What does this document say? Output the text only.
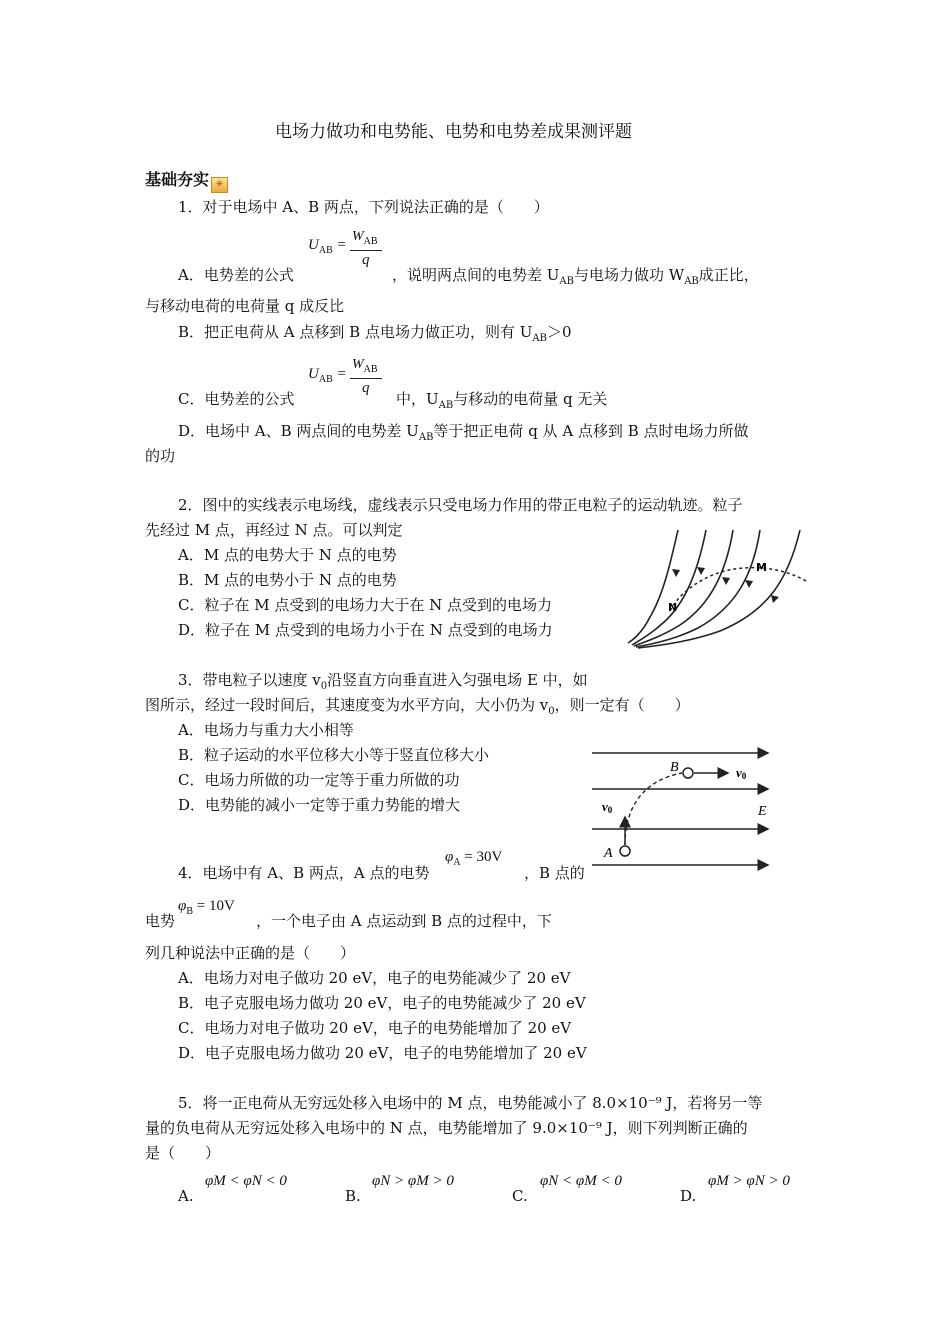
电场力做功和电势能、电势和电势差成果测评题
基础夯实 ✳
1．对于电场中 A、B 两点，下列说法正确的是（　　）
$U_{AB}$ =
$W_{AB}$
q
A．电势差的公式	，说明两点间的电势差 $U_{AB}$与电场力做功 $W_{AB}$成正比，
与移动电荷的电荷量 q 成反比
B．把正电荷从 A 点移到 B 点电场力做正功，则有 $U_{AB}>0$
$U_{AB}$ =
$W_{AB}$
q
C．电势差的公式	中，$U_{AB}$与移动的电荷量 q 无关
D．电场中 A、B 两点间的电势差 $U_{AB}$等于把正电荷 q 从 A 点移到 B 点时电场力所做
的功
2．图中的实线表示电场线，虚线表示只受电场力作用的带正电粒子的运动轨迹。粒子
先经过 M 点，再经过 N 点。可以判定
A．M 点的电势大于 N 点的电势
B．M 点的电势小于 N 点的电势
C．粒子在 M 点受到的电场力大于在 N 点受到的电场力
D．粒子在 M 点受到的电场力小于在 N 点受到的电场力
M
N
3．带电粒子以速度 $v_0$沿竖直方向垂直进入匀强电场 E 中，如
图所示，经过一段时间后，其速度变为水平方向，大小仍为 $v_0$，则一定有（　　）
A．电场力与重力大小相等
B．粒子运动的水平位移大小等于竖直位移大小
C．电场力所做的功一定等于重力所做的功
D．电势能的减小一定等于重力势能的增大
B
A
E
v0
v0
4．电场中有 A、B 两点，A 点的电势
$\varphi_A = 30V$
，B 点的
电势
$\varphi_B = 10V$
，一个电子由 A 点运动到 B 点的过程中，下
列几种说法中正确的是（　　）
A．电场力对电子做功 20 eV，电子的电势能减少了 20 eV
B．电子克服电场力做功 20 eV，电子的电势能减少了 20 eV
C．电场力对电子做功 20 eV，电子的电势能增加了 20 eV
D．电子克服电场力做功 20 eV，电子的电势能增加了 20 eV
5．将一正电荷从无穷远处移入电场中的 M 点，电势能减小了 8.0×10⁻⁹ J，若将另一等
量的负电荷从无穷远处移入电场中的 N 点，电势能增加了 9.0×10⁻⁹ J，则下列判断正确的
是（　　）
A.
φM < φN < 0
B.
φN > φM > 0
C.
φN < φM < 0
D.
φM > φN > 0
